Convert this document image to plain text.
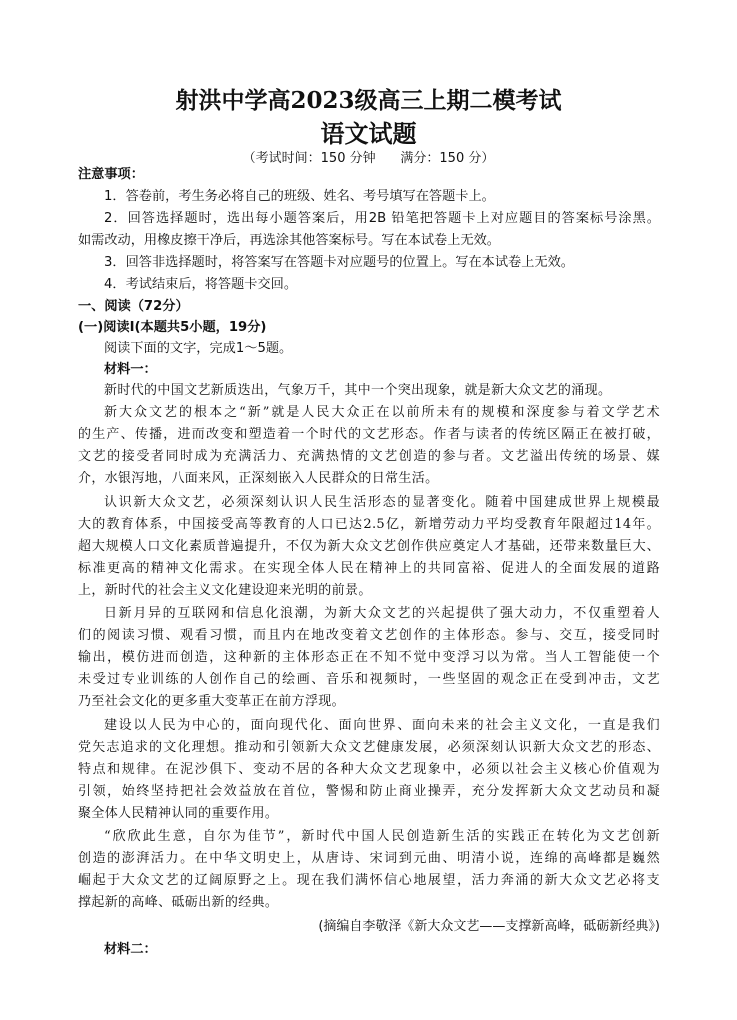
射洪中学高2023级高三上期二模考试
语文试题
（考试时间：150 分钟      满分：150 分）
注意事项：
1．答卷前，考生务必将自己的班级、姓名、考号填写在答题卡上。
2．回答选择题时，选出每小题答案后，用2B 铅笔把答题卡上对应题目的答案标号涂黑。
如需改动，用橡皮擦干净后，再选涂其他答案标号。写在本试卷上无效。
3．回答非选择题时，将答案写在答题卡对应题号的位置上。写在本试卷上无效。
4．考试结束后，将答题卡交回。
一、阅读（72分）
(一)阅读I(本题共5小题，19分)
阅读下面的文字，完成1～5题。
材料一：
新时代的中国文艺新质迭出，气象万千，其中一个突出现象，就是新大众文艺的涌现。
新大众文艺的根本之“新”就是人民大众正在以前所未有的规模和深度参与着文学艺术
的生产、传播，进而改变和塑造着一个时代的文艺形态。作者与读者的传统区隔正在被打破，
文艺的接受者同时成为充满活力、充满热情的文艺创造的参与者。文艺溢出传统的场景、媒
介，水银泻地，八面来风，正深刻嵌入人民群众的日常生活。
认识新大众文艺，必须深刻认识人民生活形态的显著变化。随着中国建成世界上规模最
大的教育体系，中国接受高等教育的人口已达2.5亿，新增劳动力平均受教育年限超过14年。
超大规模人口文化素质普遍提升，不仅为新大众文艺创作供应奠定人才基础，还带来数量巨大、
标准更高的精神文化需求。在实现全体人民在精神上的共同富裕、促进人的全面发展的道路
上，新时代的社会主义文化建设迎来光明的前景。
日新月异的互联网和信息化浪潮，为新大众文艺的兴起提供了强大动力，不仅重塑着人
们的阅读习惯、观看习惯，而且内在地改变着文艺创作的主体形态。参与、交互，接受同时
输出，模仿进而创造，这种新的主体形态正在不知不觉中变浮习以为常。当人工智能使一个
未受过专业训练的人创作自己的绘画、音乐和视频时，一些坚固的观念正在受到冲击，文艺
乃至社会文化的更多重大变革正在前方浮现。
建设以人民为中心的，面向现代化、面向世界、面向未来的社会主义文化，一直是我们
党矢志追求的文化理想。推动和引领新大众文艺健康发展，必须深刻认识新大众文艺的形态、
特点和规律。在泥沙俱下、变动不居的各种大众文艺现象中，必须以社会主义核心价值观为
引领，始终坚持把社会效益放在首位，警惕和防止商业操弄，充分发挥新大众文艺动员和凝
聚全体人民精神认同的重要作用。
“欣欣此生意，自尔为佳节”，新时代中国人民创造新生活的实践正在转化为文艺创新
创造的澎湃活力。在中华文明史上，从唐诗、宋词到元曲、明清小说，连绵的高峰都是巍然
崛起于大众文艺的辽阔原野之上。现在我们满怀信心地展望，活力奔涌的新大众文艺必将支
撑起新的高峰、砥砺出新的经典。
(摘编自李敬泽《新大众文艺——支撑新高峰，砥砺新经典》)
材料二：
